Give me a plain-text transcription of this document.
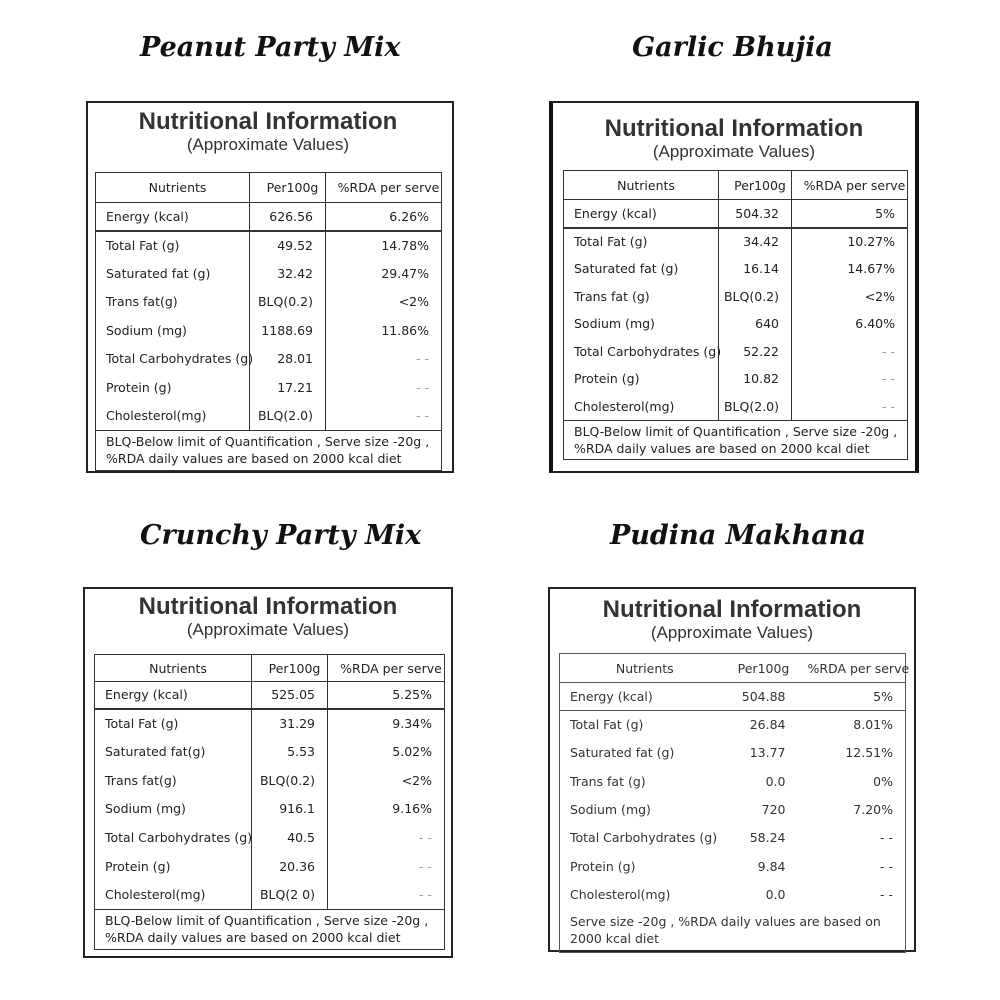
Peanut Party Mix	Garlic Bhujia
Crunchy Party Mix	Pudina Makhana
Nutritional Information
(Approximate Values)
Nutrients	Per100g	%RDA per serve
Energy (kcal)	626.56	6.26%
Total Fat (g)	49.52	14.78%
Saturated fat (g)	32.42	29.47%
Trans fat(g)	BLQ(0.2)	<2%
Sodium (mg)	1188.69	11.86%
Total Carbohydrates (g)	28.01	- -
Protein (g)	17.21	- -
Cholesterol(mg)	BLQ(2.0)	- -
BLQ-Below limit of Quantification , Serve size -20g , %RDA daily values are based on 2000 kcal diet		
Nutritional Information
(Approximate Values)
Nutrients	Per100g	%RDA per serve
Energy (kcal)	504.32	5%
Total Fat (g)	34.42	10.27%
Saturated fat (g)	16.14	14.67%
Trans fat (g)	BLQ(0.2)	<2%
Sodium (mg)	640	6.40%
Total Carbohydrates (g)	52.22	- -
Protein (g)	10.82	- -
Cholesterol(mg)	BLQ(2.0)	- -
BLQ-Below limit of Quantification , Serve size -20g , %RDA daily values are based on 2000 kcal diet		
Nutritional Information
(Approximate Values)
Nutrients	Per100g	%RDA per serve
Energy (kcal)	525.05	5.25%
Total Fat (g)	31.29	9.34%
Saturated fat(g)	5.53	5.02%
Trans fat(g)	BLQ(0.2)	<2%
Sodium (mg)	916.1	9.16%
Total Carbohydrates (g)	40.5	- -
Protein (g)	20.36	- -
Cholesterol(mg)	BLQ(2 0)	- -
BLQ-Below limit of Quantification , Serve size -20g , %RDA daily values are based on 2000 kcal diet		
Nutritional Information
(Approximate Values)
Nutrients	Per100g	%RDA per serve
Energy (kcal)	504.88	5%
Total Fat (g)	26.84	8.01%
Saturated fat (g)	13.77	12.51%
Trans fat (g)	0.0	0%
Sodium (mg)	720	7.20%
Total Carbohydrates (g)	58.24	- -
Protein (g)	9.84	- -
Cholesterol(mg)	0.0	- -
Serve size -20g , %RDA daily values are based on 2000 kcal diet		
